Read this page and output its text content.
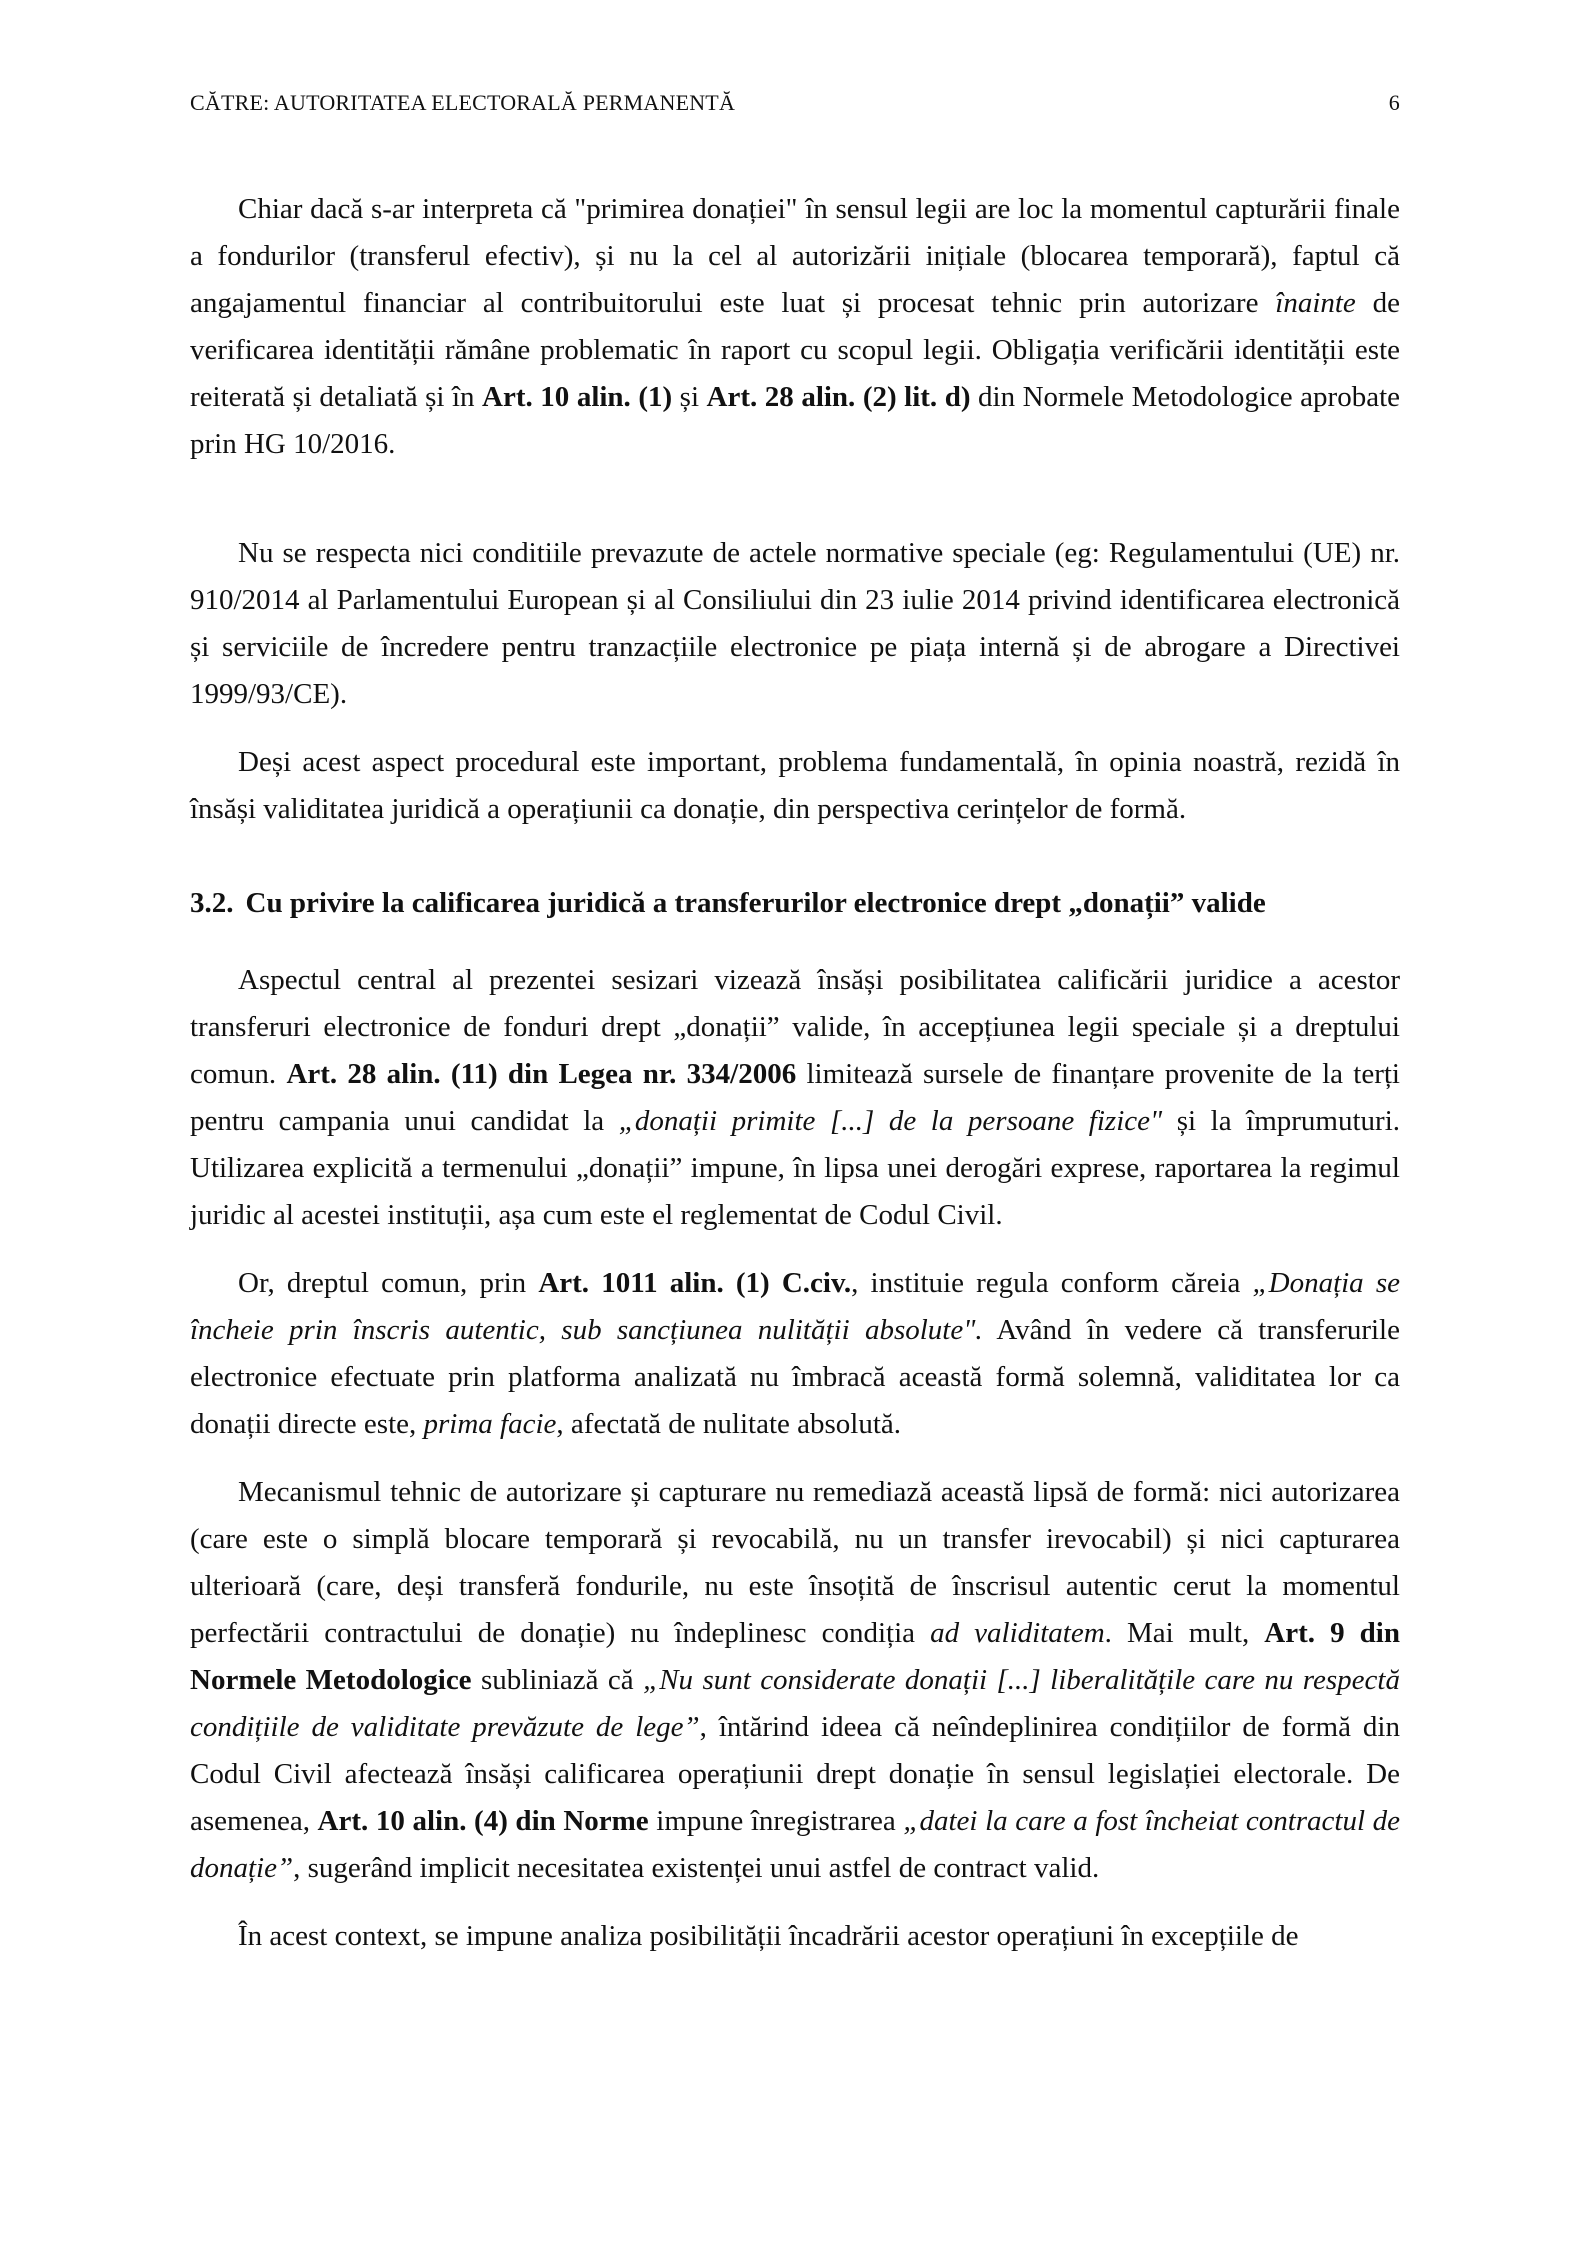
CĂTRE: AUTORITATEA ELECTORALĂ PERMANENTĂ	6

Chiar dacă s-ar interpreta că "primirea donației" în sensul legii are loc la momentul capturării finale a fondurilor (transferul efectiv), și nu la cel al autorizării inițiale (blocarea temporară), faptul că angajamentul financiar al contribuitorului este luat și procesat tehnic prin autorizare înainte de verificarea identității rămâne problematic în raport cu scopul legii. Obligația verificării identității este reiterată și detaliată și în Art. 10 alin. (1) și Art. 28 alin. (2) lit. d) din Normele Metodologice aprobate prin HG 10/2016.

Nu se respecta nici conditiile prevazute de actele normative speciale (eg: Regulamentului (UE) nr. 910/2014 al Parlamentului European și al Consiliului din 23 iulie 2014 privind identificarea electronică și serviciile de încredere pentru tranzacțiile electronice pe piața internă și de abrogare a Directivei 1999/93/CE).

Deși acest aspect procedural este important, problema fundamentală, în opinia noastră, rezidă în însăși validitatea juridică a operațiunii ca donație, din perspectiva cerințelor de formă.

3.2. Cu privire la calificarea juridică a transferurilor electronice drept „donații” valide

Aspectul central al prezentei sesizari vizează însăși posibilitatea calificării juridice a acestor transferuri electronice de fonduri drept „donații” valide, în accepțiunea legii speciale și a dreptului comun. Art. 28 alin. (11) din Legea nr. 334/2006 limitează sursele de finanțare provenite de la terți pentru campania unui candidat la „donații primite [...] de la persoane fizice" și la împrumuturi. Utilizarea explicită a termenului „donații” impune, în lipsa unei derogări exprese, raportarea la regimul juridic al acestei instituții, așa cum este el reglementat de Codul Civil.

Or, dreptul comun, prin Art. 1011 alin. (1) C.civ., instituie regula conform căreia „Donația se încheie prin înscris autentic, sub sancțiunea nulității absolute". Având în vedere că transferurile electronice efectuate prin platforma analizată nu îmbracă această formă solemnă, validitatea lor ca donații directe este, prima facie, afectată de nulitate absolută.

Mecanismul tehnic de autorizare și capturare nu remediază această lipsă de formă: nici autorizarea (care este o simplă blocare temporară și revocabilă, nu un transfer irevocabil) și nici capturarea ulterioară (care, deși transferă fondurile, nu este însoțită de înscrisul autentic cerut la momentul perfectării contractului de donație) nu îndeplinesc condiția ad validitatem. Mai mult, Art. 9 din Normele Metodologice subliniază că „Nu sunt considerate donații [...] liberalitățile care nu respectă condițiile de validitate prevăzute de lege”, întărind ideea că neîndeplinirea condițiilor de formă din Codul Civil afectează însăși calificarea operațiunii drept donație în sensul legislației electorale. De asemenea, Art. 10 alin. (4) din Norme impune înregistrarea „datei la care a fost încheiat contractul de donație”, sugerând implicit necesitatea existenței unui astfel de contract valid.

În acest context, se impune analiza posibilității încadrării acestor operațiuni în excepțiile de
